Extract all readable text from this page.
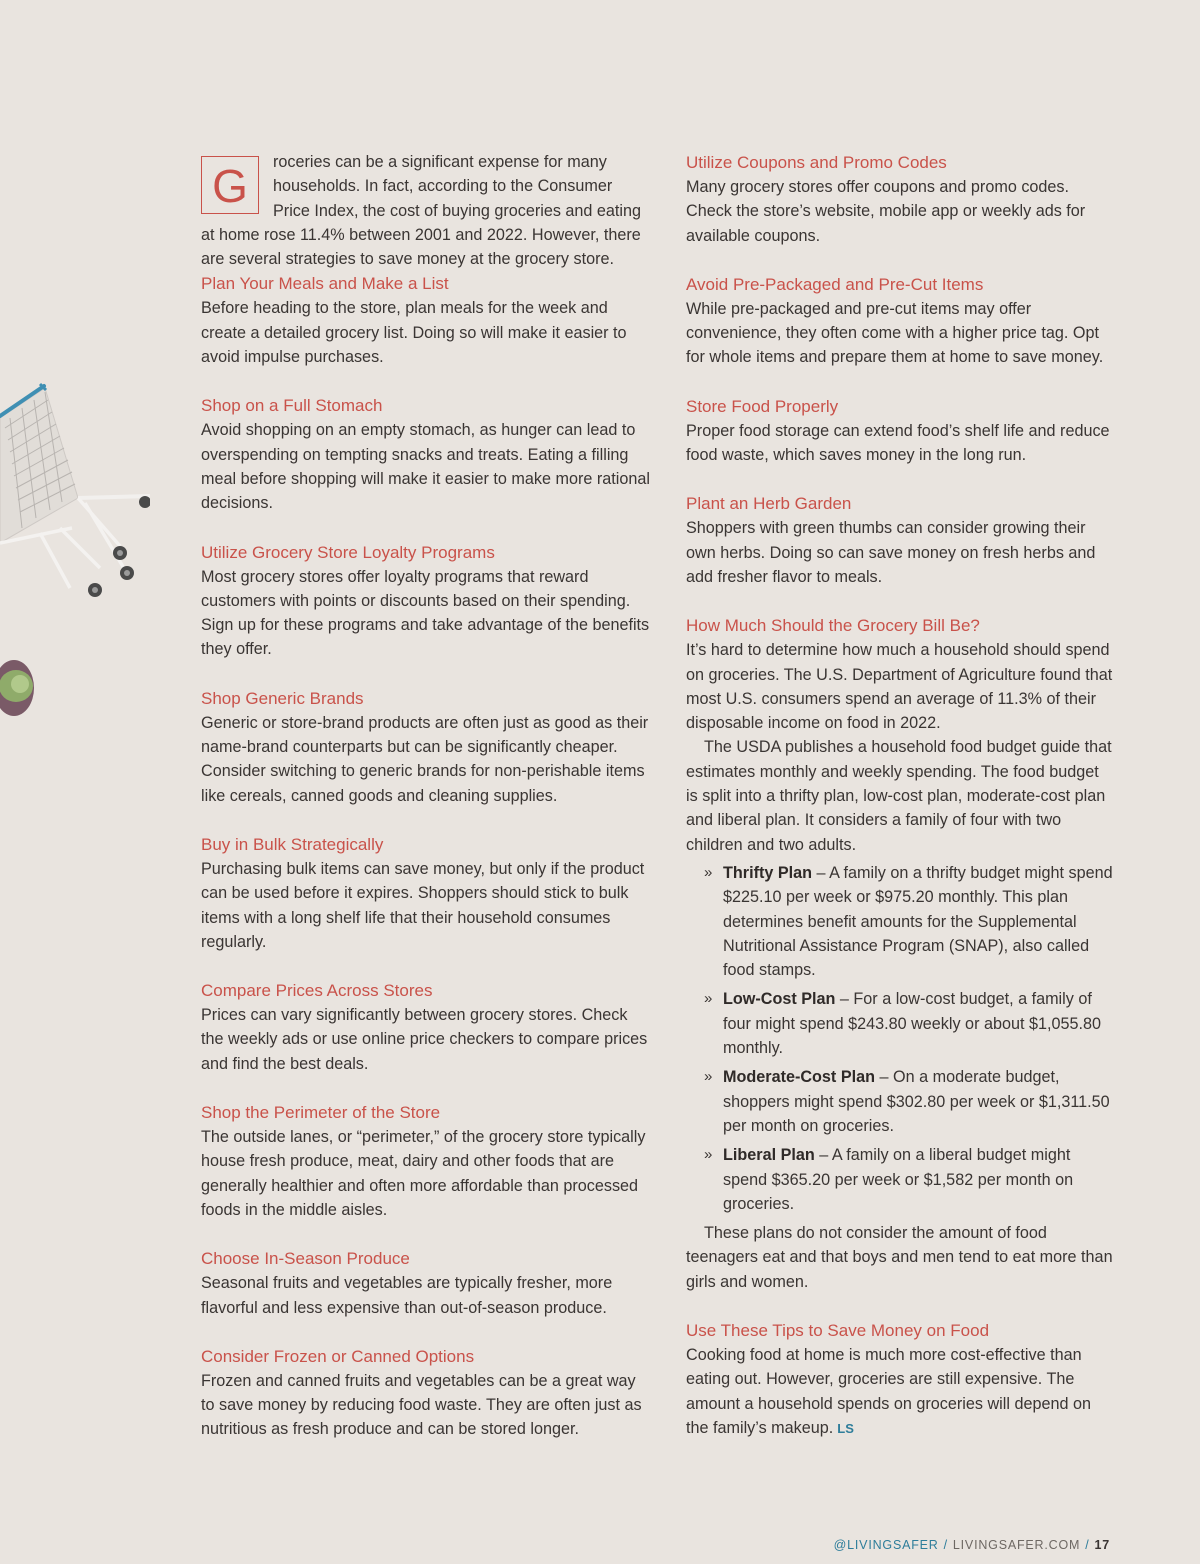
G	roceries can be a significant expense for many households. In fact, according to the Consumer Price Index, the cost of buying groceries and eating at home rose 11.4% between 2001 and 2022. However, there are several strategies to save money at the grocery store.

Plan Your Meals and Make a List

Before heading to the store, plan meals for the week and create a detailed grocery list. Doing so will make it easier to avoid impulse purchases.

Shop on a Full Stomach

Avoid shopping on an empty stomach, as hunger can lead to overspending on tempting snacks and treats. Eating a filling meal before shopping will make it easier to make more rational decisions.

Utilize Grocery Store Loyalty Programs

Most grocery stores offer loyalty programs that reward customers with points or discounts based on their spending. Sign up for these programs and take advantage of the benefits they offer.

Shop Generic Brands

Generic or store-brand products are often just as good as their name-brand counterparts but can be significantly cheaper. Consider switching to generic brands for non-perishable items like cereals, canned goods and cleaning supplies.

Buy in Bulk Strategically

Purchasing bulk items can save money, but only if the product can be used before it expires. Shoppers should stick to bulk items with a long shelf life that their household consumes regularly.

Compare Prices Across Stores

Prices can vary significantly between grocery stores. Check the weekly ads or use online price checkers to compare prices and find the best deals.

Shop the Perimeter of the Store

The outside lanes, or “perimeter,” of the grocery store typically house fresh produce, meat, dairy and other foods that are generally healthier and often more affordable than processed foods in the middle aisles.

Choose In-Season Produce

Seasonal fruits and vegetables are typically fresher, more flavorful and less expensive than out-of-season produce.

Consider Frozen or Canned Options

Frozen and canned fruits and vegetables can be a great way to save money by reducing food waste. They are often just as nutritious as fresh produce and can be stored longer.

Utilize Coupons and Promo Codes

Many grocery stores offer coupons and promo codes. Check the store’s website, mobile app or weekly ads for available coupons.

Avoid Pre-Packaged and Pre-Cut Items

While pre-packaged and pre-cut items may offer convenience, they often come with a higher price tag. Opt for whole items and prepare them at home to save money.

Store Food Properly

Proper food storage can extend food’s shelf life and reduce food waste, which saves money in the long run.

Plant an Herb Garden

Shoppers with green thumbs can consider growing their own herbs. Doing so can save money on fresh herbs and add fresher flavor to meals.

How Much Should the Grocery Bill Be?

It’s hard to determine how much a household should spend on groceries. The U.S. Department of Agriculture found that most U.S. consumers spend an average of 11.3% of their disposable income on food in 2022.

The USDA publishes a household food budget guide that estimates monthly and weekly spending. The food budget is split into a thrifty plan, low-cost plan, moderate-cost plan and liberal plan. It considers a family of four with two children and two adults.

» Thrifty Plan – A family on a thrifty budget might spend $225.10 per week or $975.20 monthly. This plan determines benefit amounts for the Supplemental Nutritional Assistance Program (SNAP), also called food stamps.
» Low-Cost Plan – For a low-cost budget, a family of four might spend $243.80 weekly or about $1,055.80 monthly.
» Moderate-Cost Plan – On a moderate budget, shoppers might spend $302.80 per week or $1,311.50 per month on groceries.
» Liberal Plan – A family on a liberal budget might spend $365.20 per week or $1,582 per month on groceries.

These plans do not consider the amount of food teenagers eat and that boys and men tend to eat more than girls and women.

Use These Tips to Save Money on Food

Cooking food at home is much more cost-effective than eating out. However, groceries are still expensive. The amount a household spends on groceries will depend on the family’s makeup. LS

@LIVINGSAFER / LIVINGSAFER.COM / 17
